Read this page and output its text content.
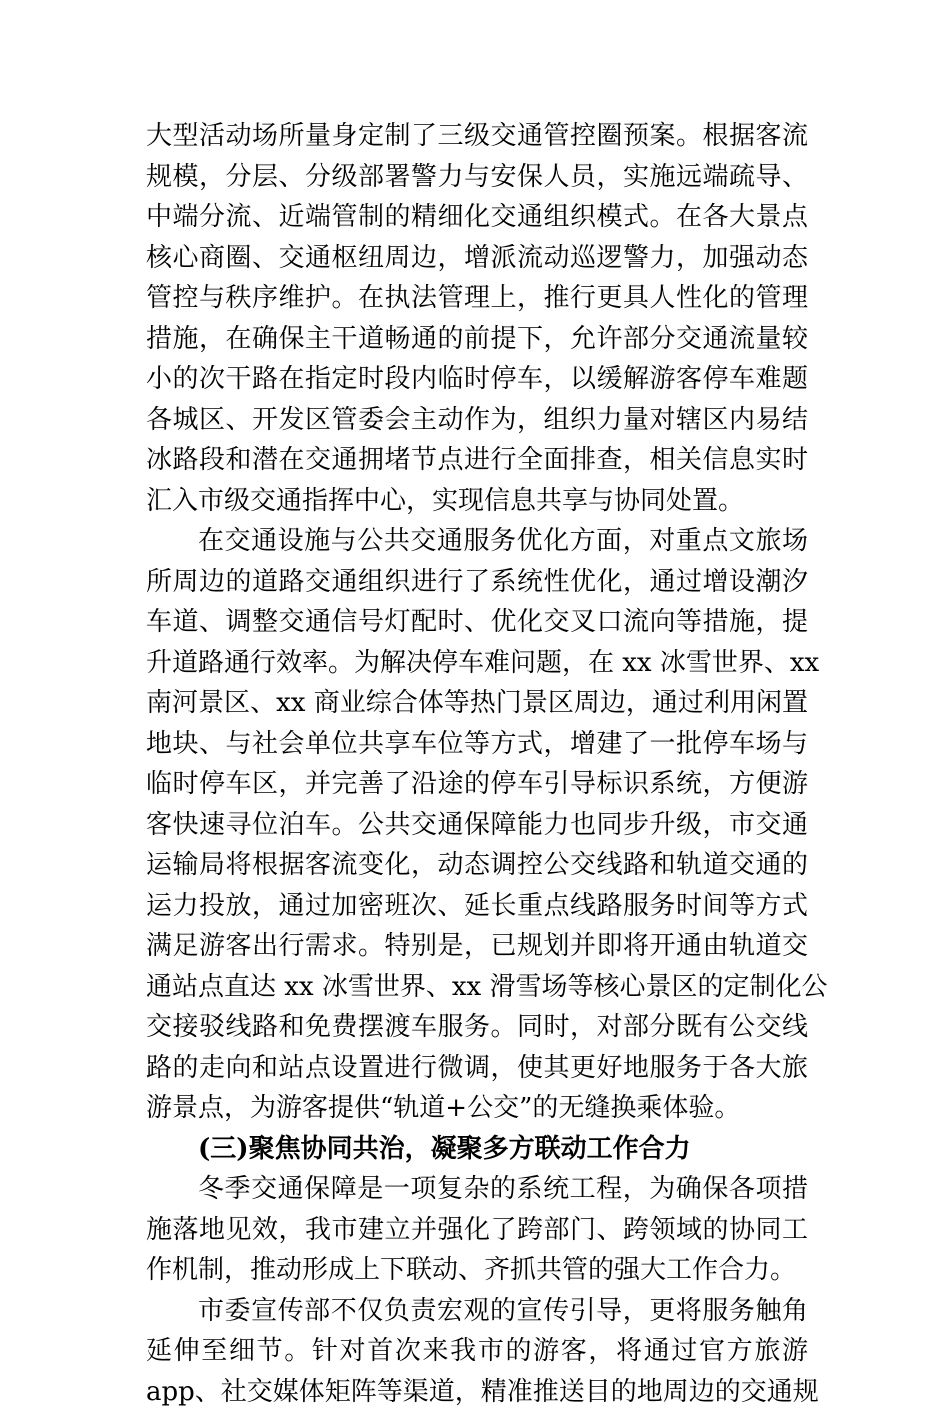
大型活动场所量身定制了三级交通管控圈预案。根据客流
规模，分层、分级部署警力与安保人员，实施远端疏导、
中端分流、近端管制的精细化交通组织模式。在各大景点
核心商圈、交通枢纽周边，增派流动巡逻警力，加强动态
管控与秩序维护。在执法管理上，推行更具人性化的管理
措施，在确保主干道畅通的前提下，允许部分交通流量较
小的次干路在指定时段内临时停车，以缓解游客停车难题
各城区、开发区管委会主动作为，组织力量对辖区内易结
冰路段和潜在交通拥堵节点进行全面排查，相关信息实时
汇入市级交通指挥中心，实现信息共享与协同处置。
在交通设施与公共交通服务优化方面，对重点文旅场
所周边的道路交通组织进行了系统性优化，通过增设潮汐
车道、调整交通信号灯配时、优化交叉口流向等措施，提
升道路通行效率。为解决停车难问题，在 xx 冰雪世界、xx
南河景区、xx 商业综合体等热门景区周边，通过利用闲置
地块、与社会单位共享车位等方式，增建了一批停车场与
临时停车区，并完善了沿途的停车引导标识系统，方便游
客快速寻位泊车。公共交通保障能力也同步升级，市交通
运输局将根据客流变化，动态调控公交线路和轨道交通的
运力投放，通过加密班次、延长重点线路服务时间等方式
满足游客出行需求。特别是，已规划并即将开通由轨道交
通站点直达 xx 冰雪世界、xx 滑雪场等核心景区的定制化公
交接驳线路和免费摆渡车服务。同时，对部分既有公交线
路的走向和站点设置进行微调，使其更好地服务于各大旅
游景点，为游客提供“轨道+公交”的无缝换乘体验。
(三)聚焦协同共治，凝聚多方联动工作合力
冬季交通保障是一项复杂的系统工程，为确保各项措
施落地见效，我市建立并强化了跨部门、跨领域的协同工
作机制，推动形成上下联动、齐抓共管的强大工作合力。
市委宣传部不仅负责宏观的宣传引导，更将服务触角
延伸至细节。针对首次来我市的游客，将通过官方旅游
app、社交媒体矩阵等渠道，精准推送目的地周边的交通规
